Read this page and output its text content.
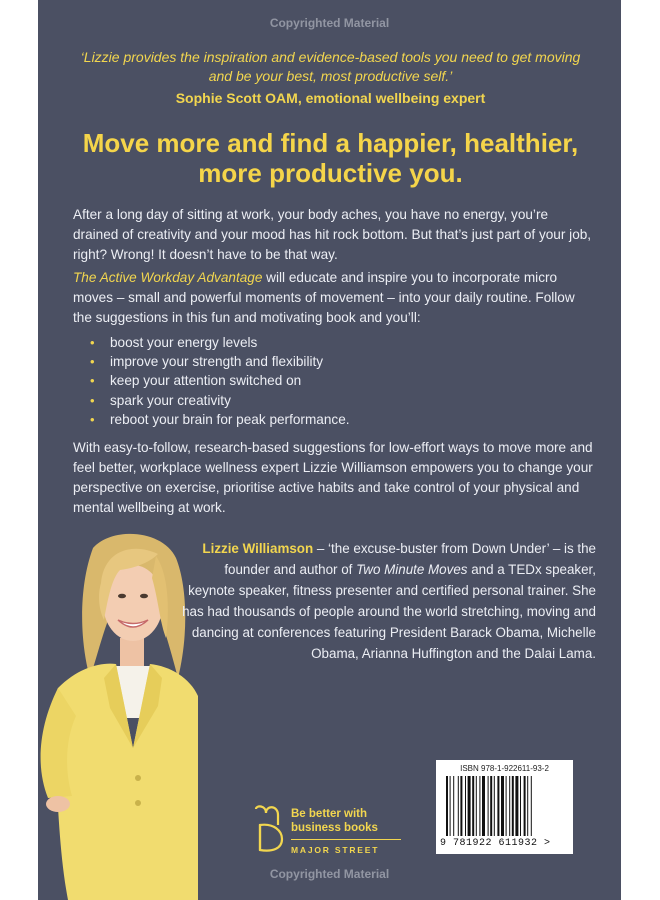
Copyrighted Material
‘Lizzie provides the inspiration and evidence-based tools you need to get moving and be your best, most productive self.’
Sophie Scott OAM, emotional wellbeing expert
Move more and find a happier, healthier,
more productive you.
After a long day of sitting at work, your body aches, you have no energy, you’re drained of creativity and your mood has hit rock bottom. But that’s just part of your job, right? Wrong! It doesn’t have to be that way.
The Active Workday Advantage will educate and inspire you to incorporate micro moves – small and powerful moments of movement – into your daily routine. Follow the suggestions in this fun and motivating book and you’ll:
• boost your energy levels
• improve your strength and flexibility
• keep your attention switched on
• spark your creativity
• reboot your brain for peak performance.
With easy-to-follow, research-based suggestions for low-effort ways to move more and feel better, workplace wellness expert Lizzie Williamson empowers you to change your perspective on exercise, prioritise active habits and take control of your physical and mental wellbeing at work.
Lizzie Williamson – ‘the excuse-buster from Down Under’ – is the founder and author of Two Minute Moves and a TEDx speaker, keynote speaker, fitness presenter and certified personal trainer. She has had thousands of people around the world stretching, moving and dancing at conferences featuring President Barack Obama, Michelle Obama, Arianna Huffington and the Dalai Lama.
ISBN 978-1-922611-93-2
9 781922 611932 >
Be better with
business books
MAJOR STREET
Copyrighted Material
